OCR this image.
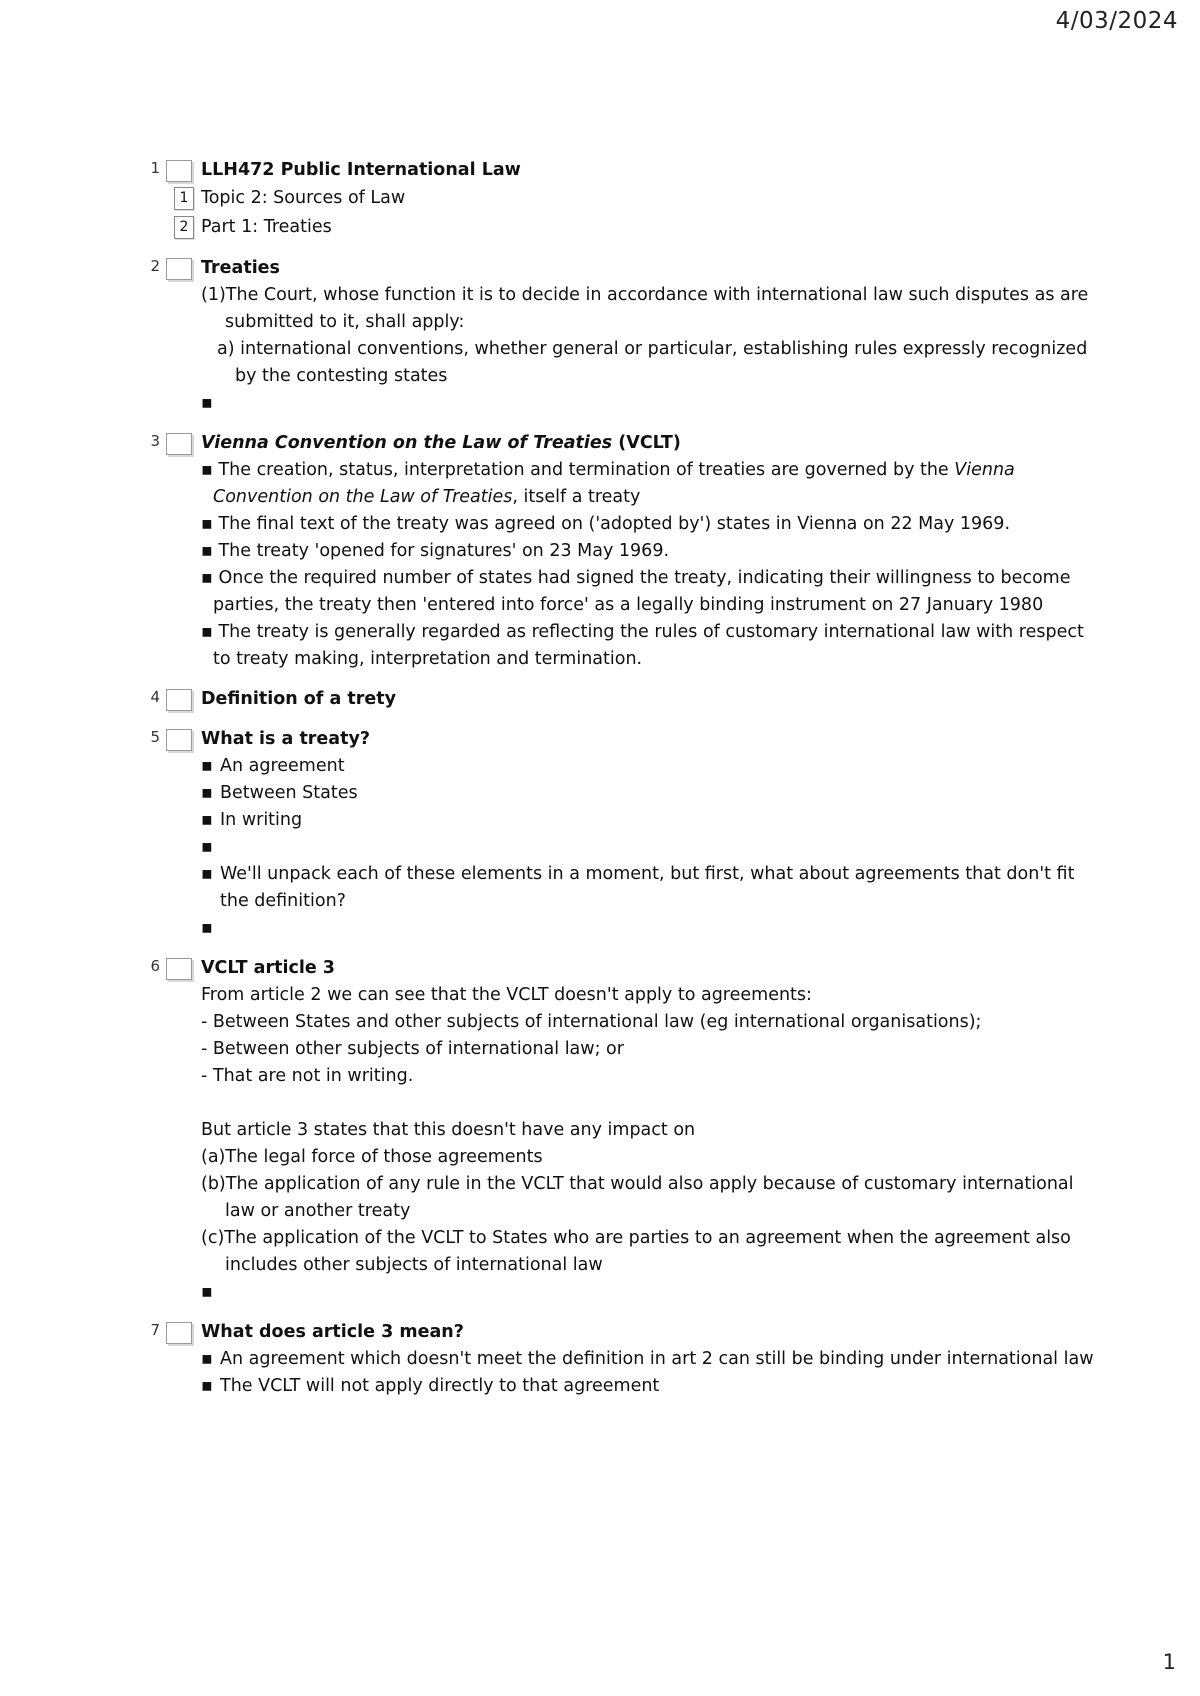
4/03/2024
1 LLH472 Public International Law
1 Topic 2: Sources of Law
2 Part 1: Treaties
2 Treaties
(1)The Court, whose function it is to decide in accordance with international law such disputes as are submitted to it, shall apply:
a) international conventions, whether general or particular, establishing rules expressly recognized by the contesting states
▪
3 Vienna Convention on the Law of Treaties (VCLT)
▪ The creation, status, interpretation and termination of treaties are governed by the Vienna Convention on the Law of Treaties, itself a treaty
▪ The final text of the treaty was agreed on ('adopted by') states in Vienna on 22 May 1969.
▪ The treaty 'opened for signatures' on 23 May 1969.
▪ Once the required number of states had signed the treaty, indicating their willingness to become parties, the treaty then 'entered into force' as a legally binding instrument on 27 January 1980
▪ The treaty is generally regarded as reflecting the rules of customary international law with respect to treaty making, interpretation and termination.
4 Definition of a trety
5 What is a treaty?
▪ An agreement
▪ Between States
▪ In writing
▪

▪ We'll unpack each of these elements in a moment, but first, what about agreements that don't fit the definition?
▪
6 VCLT article 3
From article 2 we can see that the VCLT doesn't apply to agreements:
- Between States and other subjects of international law (eg international organisations);
- Between other subjects of international law; or
- That are not in writing.
But article 3 states that this doesn't have any impact on
(a)The legal force of those agreements
(b)The application of any rule in the VCLT that would also apply because of customary international law or another treaty
(c)The application of the VCLT to States who are parties to an agreement when the agreement also includes other subjects of international law
▪
7 What does article 3 mean?
▪ An agreement which doesn't meet the definition in art 2 can still be binding under international law
▪ The VCLT will not apply directly to that agreement
1
